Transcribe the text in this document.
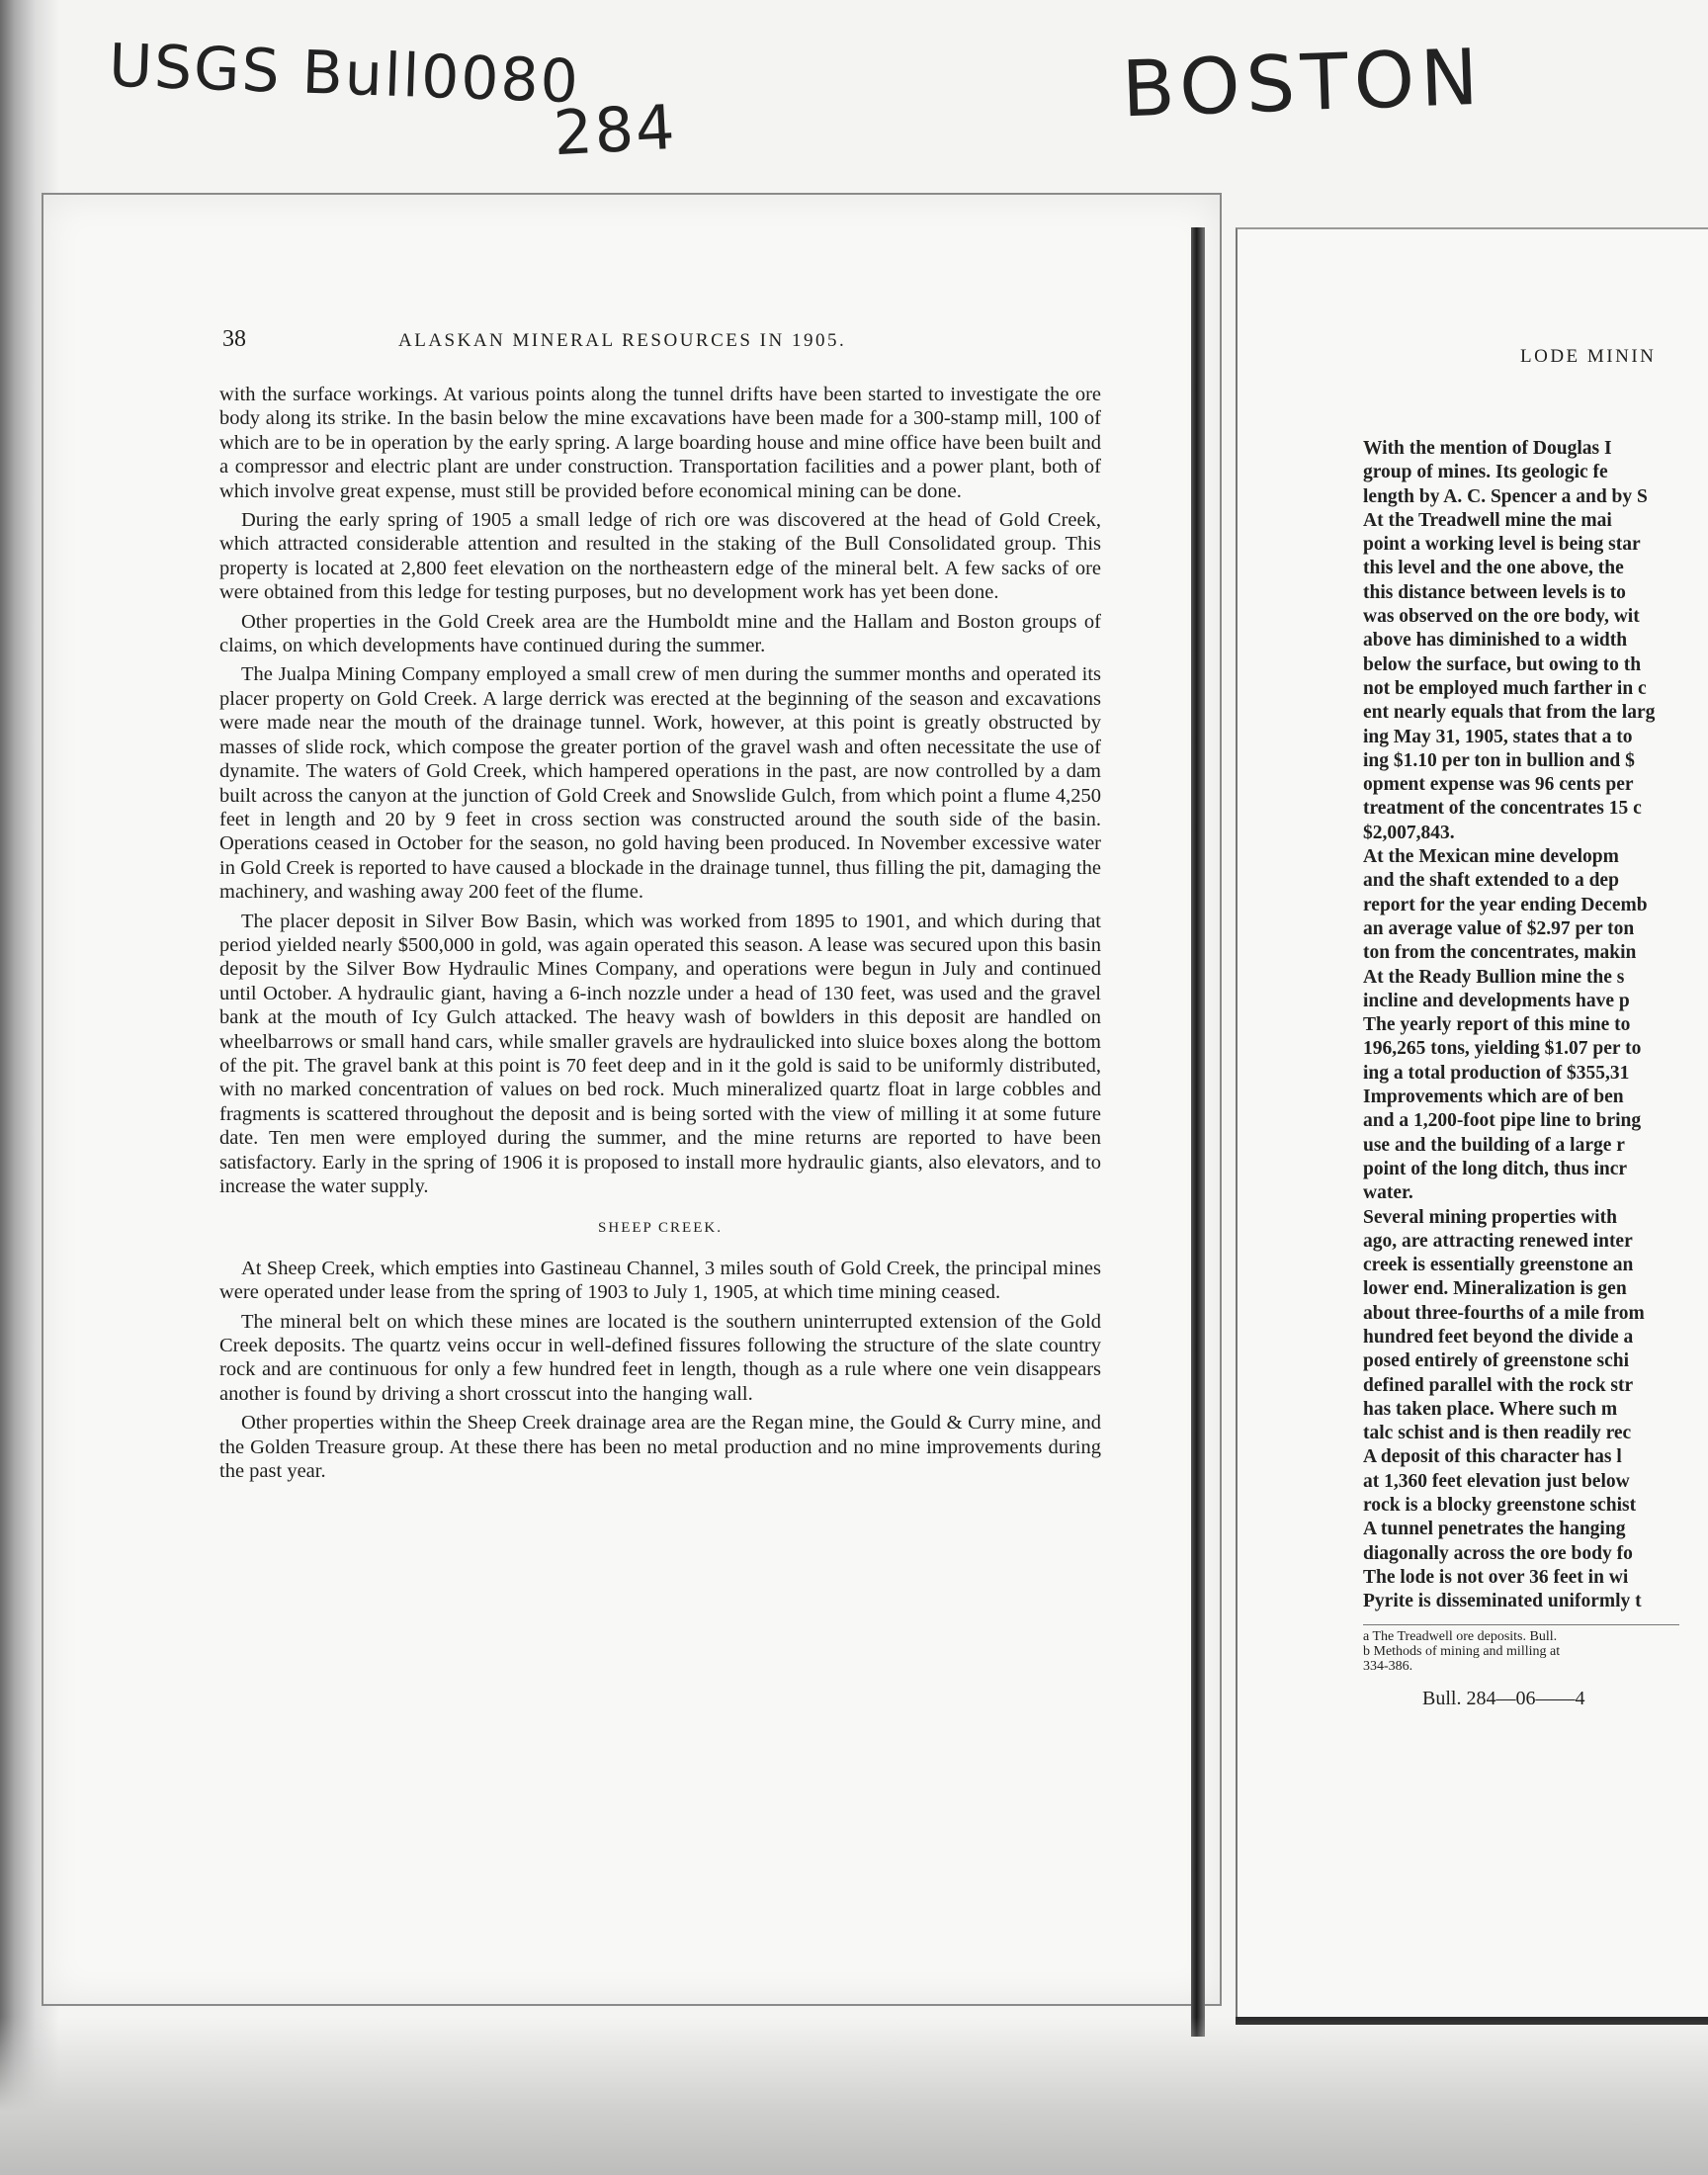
USGS Bull0080
284	BOSTON
38	ALASKAN MINERAL RESOURCES IN 1905.

with the surface workings. At various points along the tunnel drifts have been started to investigate the ore body along its strike. In the basin below the mine excavations have been made for a 300-stamp mill, 100 of which are to be in operation by the early spring. A large boarding house and mine office have been built and a compressor and electric plant are under construction. Transportation facilities and a power plant, both of which involve great expense, must still be provided before economical mining can be done.

During the early spring of 1905 a small ledge of rich ore was discovered at the head of Gold Creek, which attracted considerable attention and resulted in the staking of the Bull Consolidated group. This property is located at 2,800 feet elevation on the northeastern edge of the mineral belt. A few sacks of ore were obtained from this ledge for testing purposes, but no development work has yet been done.

Other properties in the Gold Creek area are the Humboldt mine and the Hallam and Boston groups of claims, on which developments have continued during the summer.

The Jualpa Mining Company employed a small crew of men during the summer months and operated its placer property on Gold Creek. A large derrick was erected at the beginning of the season and excavations were made near the mouth of the drainage tunnel. Work, however, at this point is greatly obstructed by masses of slide rock, which compose the greater portion of the gravel wash and often necessitate the use of dynamite. The waters of Gold Creek, which hampered operations in the past, are now controlled by a dam built across the canyon at the junction of Gold Creek and Snowslide Gulch, from which point a flume 4,250 feet in length and 20 by 9 feet in cross section was constructed around the south side of the basin. Operations ceased in October for the season, no gold having been produced. In November excessive water in Gold Creek is reported to have caused a blockade in the drainage tunnel, thus filling the pit, damaging the machinery, and washing away 200 feet of the flume.

The placer deposit in Silver Bow Basin, which was worked from 1895 to 1901, and which during that period yielded nearly $500,000 in gold, was again operated this season. A lease was secured upon this basin deposit by the Silver Bow Hydraulic Mines Company, and operations were begun in July and continued until October. A hydraulic giant, having a 6-inch nozzle under a head of 130 feet, was used and the gravel bank at the mouth of Icy Gulch attacked. The heavy wash of bowlders in this deposit are handled on wheelbarrows or small hand cars, while smaller gravels are hydraulicked into sluice boxes along the bottom of the pit. The gravel bank at this point is 70 feet deep and in it the gold is said to be uniformly distributed, with no marked concentration of values on bed rock. Much mineralized quartz float in large cobbles and fragments is scattered throughout the deposit and is being sorted with the view of milling it at some future date. Ten men were employed during the summer, and the mine returns are reported to have been satisfactory. Early in the spring of 1906 it is proposed to install more hydraulic giants, also elevators, and to increase the water supply.

SHEEP CREEK.

At Sheep Creek, which empties into Gastineau Channel, 3 miles south of Gold Creek, the principal mines were operated under lease from the spring of 1903 to July 1, 1905, at which time mining ceased.

The mineral belt on which these mines are located is the southern uninterrupted extension of the Gold Creek deposits. The quartz veins occur in well-defined fissures following the structure of the slate country rock and are continuous for only a few hundred feet in length, though as a rule where one vein disappears another is found by driving a short crosscut into the hanging wall.

Other properties within the Sheep Creek drainage area are the Regan mine, the Gould & Curry mine, and the Golden Treasure group. At these there has been no metal production and no mine improvements during the past year.

LODE MININ
With the mention of Douglas I
group of mines. Its geologic fe
length by A. C. Spencer a and by S
At the Treadwell mine the mai
point a working level is being star
this level and the one above, the
this distance between levels is to
was observed on the ore body, wit
above has diminished to a width
below the surface, but owing to th
not be employed much farther in c
ent nearly equals that from the larg
ing May 31, 1905, states that a to
ing $1.10 per ton in bullion and $
opment expense was 96 cents per
treatment of the concentrates 15 c
$2,007,843.
At the Mexican mine developm
and the shaft extended to a dep
report for the year ending Decemb
an average value of $2.97 per ton
ton from the concentrates, makin
At the Ready Bullion mine the s
incline and developments have p
The yearly report of this mine to
196,265 tons, yielding $1.07 per to
ing a total production of $355,31
Improvements which are of ben
and a 1,200-foot pipe line to bring
use and the building of a large r
point of the long ditch, thus incr
water.
Several mining properties with
ago, are attracting renewed inter
creek is essentially greenstone an
lower end. Mineralization is gen
about three-fourths of a mile from
hundred feet beyond the divide a
posed entirely of greenstone schi
defined parallel with the rock str
has taken place. Where such m
talc schist and is then readily rec
A deposit of this character has l
at 1,360 feet elevation just below
rock is a blocky greenstone schist
A tunnel penetrates the hanging
diagonally across the ore body fo
The lode is not over 36 feet in wi
Pyrite is disseminated uniformly t
a The Treadwell ore deposits. Bull.
b Methods of mining and milling at
334-386.
Bull. 284—06——4
